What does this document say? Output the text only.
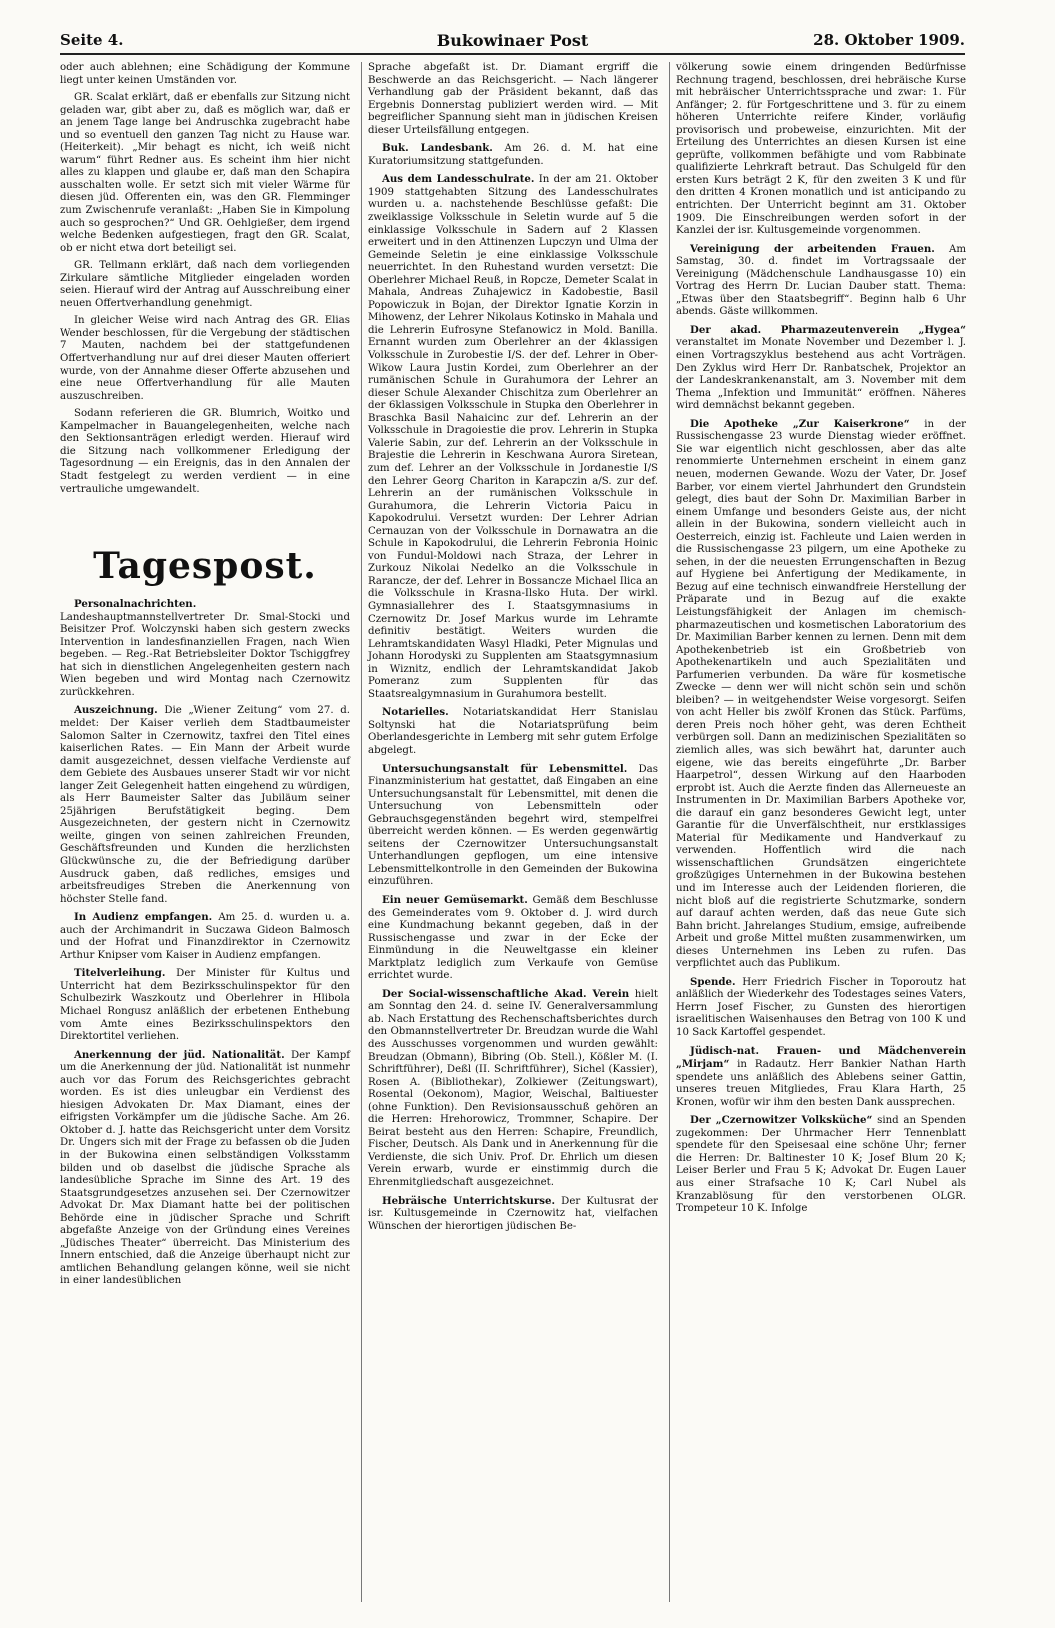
Seite 4.	Bukowinaer Post	28. Oktober 1909.

oder auch ablehnen; eine Schädigung der Kommune liegt unter keinen Umständen vor.

GR. Scalat erklärt, daß er ebenfalls zur Sitzung nicht geladen war, gibt aber zu, daß es möglich war, daß er an jenem Tage lange bei Andruschka zugebracht habe und so eventuell den ganzen Tag nicht zu Hause war. (Heiterkeit). „Mir behagt es nicht, ich weiß nicht warum“ führt Redner aus. Es scheint ihm hier nicht alles zu klappen und glaube er, daß man den Schapira ausschalten wolle. Er setzt sich mit vieler Wärme für diesen jüd. Offerenten ein, was den GR. Flemminger zum Zwischenrufe veranlaßt: „Haben Sie in Kimpolung auch so gesprochen?“ Und GR. Oehlgießer, dem irgend welche Bedenken aufgestiegen, fragt den GR. Scalat, ob er nicht etwa dort beteiligt sei.

GR. Tellmann erklärt, daß nach dem vorliegenden Zirkulare sämtliche Mitglieder eingeladen worden seien. Hierauf wird der Antrag auf Ausschreibung einer neuen Offertverhandlung genehmigt.

In gleicher Weise wird nach Antrag des GR. Elias Wender beschlossen, für die Vergebung der städtischen 7 Mauten, nachdem bei der stattgefundenen Offertverhandlung nur auf drei dieser Mauten offeriert wurde, von der Annahme dieser Offerte abzusehen und eine neue Offertverhandlung für alle Mauten auszuschreiben.

Sodann referieren die GR. Blumrich, Woitko und Kampelmacher in Bauangelegenheiten, welche nach den Sektionsanträgen erledigt werden. Hierauf wird die Sitzung nach vollkommener Erledigung der Tagesordnung — ein Ereignis, das in den Annalen der Stadt festgelegt zu werden verdient — in eine vertrauliche umgewandelt.

Tagespost.

Personalnachrichten. Landeshauptmannstellvertreter Dr. Smal-Stocki und Beisitzer Prof. Wolczynski haben sich gestern zwecks Intervention in landesfinanziellen Fragen, nach Wien begeben. — Reg.-Rat Betriebsleiter Doktor Tschiggfrey hat sich in dienstlichen Angelegenheiten gestern nach Wien begeben und wird Montag nach Czernowitz zurückkehren.

Auszeichnung. Die „Wiener Zeitung“ vom 27. d. meldet: Der Kaiser verlieh dem Stadtbaumeister Salomon Salter in Czernowitz, taxfrei den Titel eines kaiserlichen Rates. — Ein Mann der Arbeit wurde damit ausgezeichnet, dessen vielfache Verdienste auf dem Gebiete des Ausbaues unserer Stadt wir vor nicht langer Zeit Gelegenheit hatten eingehend zu würdigen, als Herr Baumeister Salter das Jubiläum seiner 25jährigen Berufstätigkeit beging. Dem Ausgezeichneten, der gestern nicht in Czernowitz weilte, gingen von seinen zahlreichen Freunden, Geschäftsfreunden und Kunden die herzlichsten Glückwünsche zu, die der Befriedigung darüber Ausdruck gaben, daß redliches, emsiges und arbeitsfreudiges Streben die Anerkennung von höchster Stelle fand.

In Audienz empfangen. Am 25. d. wurden u. a. auch der Archimandrit in Suczawa Gideon Balmosch und der Hofrat und Finanzdirektor in Czernowitz Arthur Knipser vom Kaiser in Audienz empfangen.

Titelverleihung. Der Minister für Kultus und Unterricht hat dem Bezirksschulinspektor für den Schulbezirk Waszkoutz und Oberlehrer in Hlibola Michael Rongusz anläßlich der erbetenen Enthebung vom Amte eines Bezirksschulinspektors den Direktortitel verliehen.

Anerkennung der jüd. Nationalität. Der Kampf um die Anerkennung der jüd. Nationalität ist nunmehr auch vor das Forum des Reichsgerichtes gebracht worden. Es ist dies unleugbar ein Verdienst des hiesigen Advokaten Dr. Max Diamant, eines der eifrigsten Vorkämpfer um die jüdische Sache. Am 26. Oktober d. J. hatte das Reichsgericht unter dem Vorsitz Dr. Ungers sich mit der Frage zu befassen ob die Juden in der Bukowina einen selbständigen Volksstamm bilden und ob daselbst die jüdische Sprache als landesübliche Sprache im Sinne des Art. 19 des Staatsgrundgesetzes anzusehen sei. Der Czernowitzer Advokat Dr. Max Diamant hatte bei der politischen Behörde eine in jüdischer Sprache und Schrift abgefaßte Anzeige von der Gründung eines Vereines „Jüdisches Theater“ überreicht. Das Ministerium des Innern entschied, daß die Anzeige überhaupt nicht zur amtlichen Behandlung gelangen könne, weil sie nicht in einer landesüblichen

Sprache abgefaßt ist. Dr. Diamant ergriff die Beschwerde an das Reichsgericht. — Nach längerer Verhandlung gab der Präsident bekannt, daß das Ergebnis Donnerstag publiziert werden wird. — Mit begreiflicher Spannung sieht man in jüdischen Kreisen dieser Urteilsfällung entgegen.

Buk. Landesbank. Am 26. d. M. hat eine Kuratoriumsitzung stattgefunden.

Aus dem Landesschulrate. In der am 21. Oktober 1909 stattgehabten Sitzung des Landesschulrates wurden u. a. nachstehende Beschlüsse gefaßt: Die zweiklassige Volksschule in Seletin wurde auf 5 die einklassige Volksschule in Sadern auf 2 Klassen erweitert und in den Attinenzen Lupczyn und Ulma der Gemeinde Seletin je eine einklassige Volksschule neuerrichtet. In den Ruhestand wurden versetzt: Die Oberlehrer Michael Reuß, in Ropcze, Demeter Scalat in Mahala, Andreas Zuhajewicz in Kadobestie, Basil Popowiczuk in Bojan, der Direktor Ignatie Korzin in Mihowenz, der Lehrer Nikolaus Kotinsko in Mahala und die Lehrerin Eufrosyne Stefanowicz in Mold. Banilla. Ernannt wurden zum Oberlehrer an der 4klassigen Volksschule in Zurobestie I/S. der def. Lehrer in Ober-Wikow Laura Justin Kordei, zum Oberlehrer an der rumänischen Schule in Gurahumora der Lehrer an dieser Schule Alexander Chischitza zum Oberlehrer an der 6klassigen Volksschule in Stupka den Oberlehrer in Braschka Basil Nahaicinc zur def. Lehrerin an der Volksschule in Dragoiestie die prov. Lehrerin in Stupka Valerie Sabin, zur def. Lehrerin an der Volksschule in Brajestie die Lehrerin in Keschwana Aurora Siretean, zum def. Lehrer an der Volksschule in Jordanestie I/S den Lehrer Georg Chariton in Karapczin a/S. zur def. Lehrerin an der rumänischen Volksschule in Gurahumora, die Lehrerin Victoria Paicu in Kapokodrului. Versetzt wurden: Der Lehrer Adrian Cernauzan von der Volksschule in Dornawatra an die Schule in Kapokodrului, die Lehrerin Febronia Hoinic von Fundul-Moldowi nach Straza, der Lehrer in Zurkouz Nikolai Nedelko an die Volksschule in Rarancze, der def. Lehrer in Bossancze Michael Ilica an die Volksschule in Krasna-Ilsko Huta. Der wirkl. Gymnasiallehrer des I. Staatsgymnasiums in Czernowitz Dr. Josef Markus wurde im Lehramte definitiv bestätigt. Weiters wurden die Lehramtskandidaten Wasyl Hladki, Peter Mignulas und Johann Horodyski zu Supplenten am Staatsgymnasium in Wiznitz, endlich der Lehramtskandidat Jakob Pomeranz zum Supplenten für das Staatsrealgymnasium in Gurahumora bestellt.

Notarielles. Notariatskandidat Herr Stanislau Soltynski hat die Notariatsprüfung beim Oberlandesgerichte in Lemberg mit sehr gutem Erfolge abgelegt.

Untersuchungsanstalt für Lebensmittel. Das Finanzministerium hat gestattet, daß Eingaben an eine Untersuchungsanstalt für Lebensmittel, mit denen die Untersuchung von Lebensmitteln oder Gebrauchsgegenständen begehrt wird, stempelfrei überreicht werden können. — Es werden gegenwärtig seitens der Czernowitzer Untersuchungsanstalt Unterhandlungen gepflogen, um eine intensive Lebensmittelkontrolle in den Gemeinden der Bukowina einzuführen.

Ein neuer Gemüsemarkt. Gemäß dem Beschlusse des Gemeinderates vom 9. Oktober d. J. wird durch eine Kundmachung bekannt gegeben, daß in der Russischengasse und zwar in der Ecke der Einmündung in die Neuweltgasse ein kleiner Marktplatz lediglich zum Verkaufe von Gemüse errichtet wurde.

Der Social-wissenschaftliche Akad. Verein hielt am Sonntag den 24. d. seine IV. Generalversammlung ab. Nach Erstattung des Rechenschaftsberichtes durch den Obmannstellvertreter Dr. Breudzan wurde die Wahl des Ausschusses vorgenommen und wurden gewählt: Breudzan (Obmann), Bibring (Ob. Stell.), Kößler M. (I. Schriftführer), Deßl (II. Schriftführer), Sichel (Kassier), Rosen A. (Bibliothekar), Zolkiewer (Zeitungswart), Rosental (Oekonom), Magior, Weischal, Baltiuester (ohne Funktion). Den Revisionsausschuß gehören an die Herren: Hrehorowicz, Trommner, Schapire. Der Beirat besteht aus den Herren: Schapire, Freundlich, Fischer, Deutsch. Als Dank und in Anerkennung für die Verdienste, die sich Univ. Prof. Dr. Ehrlich um diesen Verein erwarb, wurde er einstimmig durch die Ehrenmitgliedschaft ausgezeichnet.

Hebräische Unterrichtskurse. Der Kultusrat der isr. Kultusgemeinde in Czernowitz hat, vielfachen Wünschen der hierortigen jüdischen Be-

völkerung sowie einem dringenden Bedürfnisse Rechnung tragend, beschlossen, drei hebräische Kurse mit hebräischer Unterrichtssprache und zwar: 1. Für Anfänger; 2. für Fortgeschrittene und 3. für zu einem höheren Unterrichte reifere Kinder, vorläufig provisorisch und probeweise, einzurichten. Mit der Erteilung des Unterrichtes an diesen Kursen ist eine geprüfte, vollkommen befähigte und vom Rabbinate qualifizierte Lehrkraft betraut. Das Schulgeld für den ersten Kurs beträgt 2 K, für den zweiten 3 K und für den dritten 4 Kronen monatlich und ist anticipando zu entrichten. Der Unterricht beginnt am 31. Oktober 1909. Die Einschreibungen werden sofort in der Kanzlei der isr. Kultusgemeinde vorgenommen.

Vereinigung der arbeitenden Frauen. Am Samstag, 30. d. findet im Vortragssaale der Vereinigung (Mädchenschule Landhausgasse 10) ein Vortrag des Herrn Dr. Lucian Dauber statt. Thema: „Etwas über den Staatsbegriff“. Beginn halb 6 Uhr abends. Gäste willkommen.

Der akad. Pharmazeutenverein „Hygea“ veranstaltet im Monate November und Dezember l. J. einen Vortragszyklus bestehend aus acht Vorträgen. Den Zyklus wird Herr Dr. Ranbatschek, Projektor an der Landeskrankenanstalt, am 3. November mit dem Thema „Infektion und Immunität“ eröffnen. Näheres wird demnächst bekannt gegeben.

Die Apotheke „Zur Kaiserkrone“ in der Russischengasse 23 wurde Dienstag wieder eröffnet. Sie war eigentlich nicht geschlossen, aber das alte renommierte Unternehmen erscheint in einem ganz neuen, modernen Gewande. Wozu der Vater, Dr. Josef Barber, vor einem viertel Jahrhundert den Grundstein gelegt, dies baut der Sohn Dr. Maximilian Barber in einem Umfange und besonders Geiste aus, der nicht allein in der Bukowina, sondern vielleicht auch in Oesterreich, einzig ist. Fachleute und Laien werden in die Russischengasse 23 pilgern, um eine Apotheke zu sehen, in der die neuesten Errungenschaften in Bezug auf Hygiene bei Anfertigung der Medikamente, in Bezug auf eine technisch einwandfreie Herstellung der Präparate und in Bezug auf die exakte Leistungsfähigkeit der Anlagen im chemisch-pharmazeutischen und kosmetischen Laboratorium des Dr. Maximilian Barber kennen zu lernen. Denn mit dem Apothekenbetrieb ist ein Großbetrieb von Apothekenartikeln und auch Spezialitäten und Parfumerien verbunden. Da wäre für kosmetische Zwecke — denn wer will nicht schön sein und schön bleiben? — in weitgehendster Weise vorgesorgt. Seifen von acht Heller bis zwölf Kronen das Stück. Parfüms, deren Preis noch höher geht, was deren Echtheit verbürgen soll. Dann an medizinischen Spezialitäten so ziemlich alles, was sich bewährt hat, darunter auch eigene, wie das bereits eingeführte „Dr. Barber Haarpetrol“, dessen Wirkung auf den Haarboden erprobt ist. Auch die Aerzte finden das Allerneueste an Instrumenten in Dr. Maximilian Barbers Apotheke vor, die darauf ein ganz besonderes Gewicht legt, unter Garantie für die Unverfälschtheit, nur erstklassiges Material für Medikamente und Handverkauf zu verwenden. Hoffentlich wird die nach wissenschaftlichen Grundsätzen eingerichtete großzügiges Unternehmen in der Bukowina bestehen und im Interesse auch der Leidenden florieren, die nicht bloß auf die registrierte Schutzmarke, sondern auf darauf achten werden, daß das neue Gute sich Bahn bricht. Jahrelanges Studium, emsige, aufreibende Arbeit und große Mittel mußten zusammenwirken, um dieses Unternehmen ins Leben zu rufen. Das verpflichtet auch das Publikum.

Spende. Herr Friedrich Fischer in Toporoutz hat anläßlich der Wiederkehr des Todestages seines Vaters, Herrn Josef Fischer, zu Gunsten des hierortigen israelitischen Waisenhauses den Betrag von 100 K und 10 Sack Kartoffel gespendet.

Jüdisch-nat. Frauen- und Mädchenverein „Mirjam“ in Radautz. Herr Bankier Nathan Harth spendete uns anläßlich des Ablebens seiner Gattin, unseres treuen Mitgliedes, Frau Klara Harth, 25 Kronen, wofür wir ihm den besten Dank aussprechen.

Der „Czernowitzer Volksküche“ sind an Spenden zugekommen: Der Uhrmacher Herr Tennenblatt spendete für den Speisesaal eine schöne Uhr; ferner die Herren: Dr. Baltinester 10 K; Josef Blum 20 K; Leiser Berler und Frau 5 K; Advokat Dr. Eugen Lauer aus einer Strafsache 10 K; Carl Nubel als Kranzablösung für den verstorbenen OLGR. Trompeteur 10 K. Infolge
